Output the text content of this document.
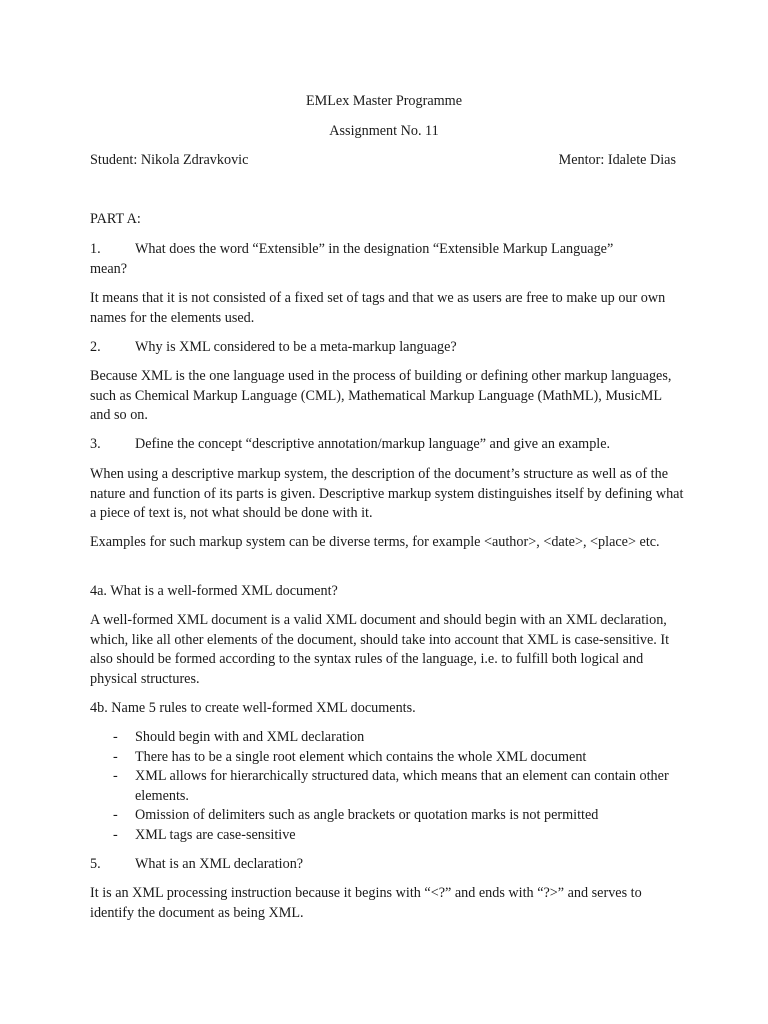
EMLex Master Programme
Assignment No. 11
Student: Nikola Zdravkovic	Mentor: Idalete Dias
PART A:
1. What does the word “Extensible” in the designation “Extensible Markup Language”
mean?
It means that it is not consisted of a fixed set of tags and that we as users are free to make up our own names for the elements used.
2. Why is XML considered to be a meta-markup language?
Because XML is the one language used in the process of building or defining other markup languages, such as Chemical Markup Language (CML), Mathematical Markup Language (MathML), MusicML and so on.
3. Define the concept “descriptive annotation/markup language” and give an example.
When using a descriptive markup system, the description of the document’s structure as well as of the nature and function of its parts is given. Descriptive markup system distinguishes itself by defining what a piece of text is, not what should be done with it.
Examples for such markup system can be diverse terms, for example <author>, <date>, <place> etc.
4a. What is a well-formed XML document?
A well-formed XML document is a valid XML document and should begin with an XML declaration, which, like all other elements of the document, should take into account that XML is case-sensitive. It also should be formed according to the syntax rules of the language, i.e. to fulfill both logical and physical structures.
4b. Name 5 rules to create well-formed XML documents.
- Should begin with and XML declaration
- There has to be a single root element which contains the whole XML document
- XML allows for hierarchically structured data, which means that an element can contain other elements.
- Omission of delimiters such as angle brackets or quotation marks is not permitted
- XML tags are case-sensitive
5. What is an XML declaration?
It is an XML processing instruction because it begins with “<?” and ends with “?>” and serves to identify the document as being XML.
